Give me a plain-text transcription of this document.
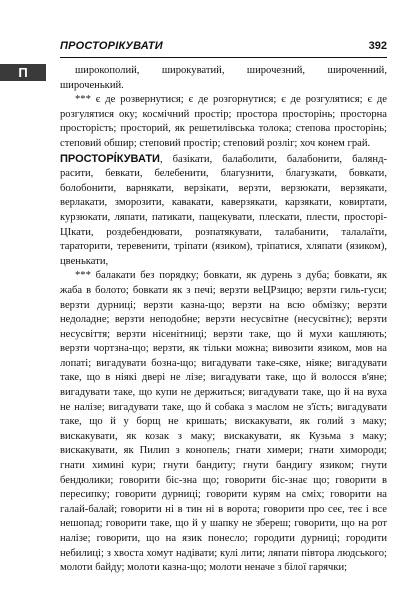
ПРОСТОРІКУВАТИ	392
П	широкополий, широкуватий, широчезний, широченний, широченький.

*** є де розвернутися; є де розгорнутися; є де розгулятися; є де розгулятися оку; космічний простір; простора просторінь; просторна просторість; просторий, як решетилівська толока; степова просторінь; степовий обшир; степовий простір; степовий розліг; хоч конем грай.

ПРОСТОРІ́КУВАТИ, базікати, балаболити, балабонити, баляндрасити, бевкати, белебенити, благузнити, благузкати, бовкати, болобонити, варнякати, верзікати, верзти, верзюкати, верзякати, верлакати, зморозити, кавакати, каверзякати, карзякати, ковиртати, курзюкати, ляпати, патикати, пащекувати, плескати, плести, просторіЦІкати, роздебендювати, розпатякувати, талабанити, талалаїти, тараторити, теревенити, тріпати (язиком), тріпатися, хляпати (язиком), цвенькати,

*** балакати без порядку; бовкати, як дурень з дуба; бовкати, як жаба в болото; бовкати як з печі; верзти веЦРзицю; верзти гиль-гуси; верзти дурниці; верзти казна-що; верзти на всю обмізку; верзти недоладне; верзти неподобне; верзти несусвітне (несусвітнє); верзти несусвіття; верзти нісенітниці; верзти таке, що й мухи кашляють; верзти чортзна-що; верзти, як тільки можна; вивозити язиком, мов на лопаті; вигадувати бозна-що; вигадувати таке-сяке, ніяке; вигадувати таке, що в ніякі двері не лізе; вигадувати таке, що й волосся в'яне; вигадувати таке, що купи не держиться; вигадувати таке, що й на вуха не налізе; вигадувати таке, що й собака з маслом не з'їсть; вигадувати таке, що й у борщ не кришать; вискакувати, як голий з маку; вискакувати, як козак з маку; вискакувати, як Кузьма з маку; вискакувати, як Пилип з конопель; гнати химери; гнати химороди; гнати химині кури; гнути бандиту; гнути бандигу язиком; гнути бендюлики; говорити біс-зна що; говорити біс-знає що; говорити в пересипку; говорити дурниці; говорити курям на сміх; говорити на галай-балай; говорити ні в тин ні в ворота; говорити про сеє, теє і все нешопад; говорити таке, що й у шапку не збереш; говорити, що на рот налізе; говорити, що на язик понесло; городити дурниці; городити небилиці; з хвоста хомут надівати; кулі лити; ляпати півтора людського; молоти байду; молоти казна-що; молоти неначе з білої гарячки;
